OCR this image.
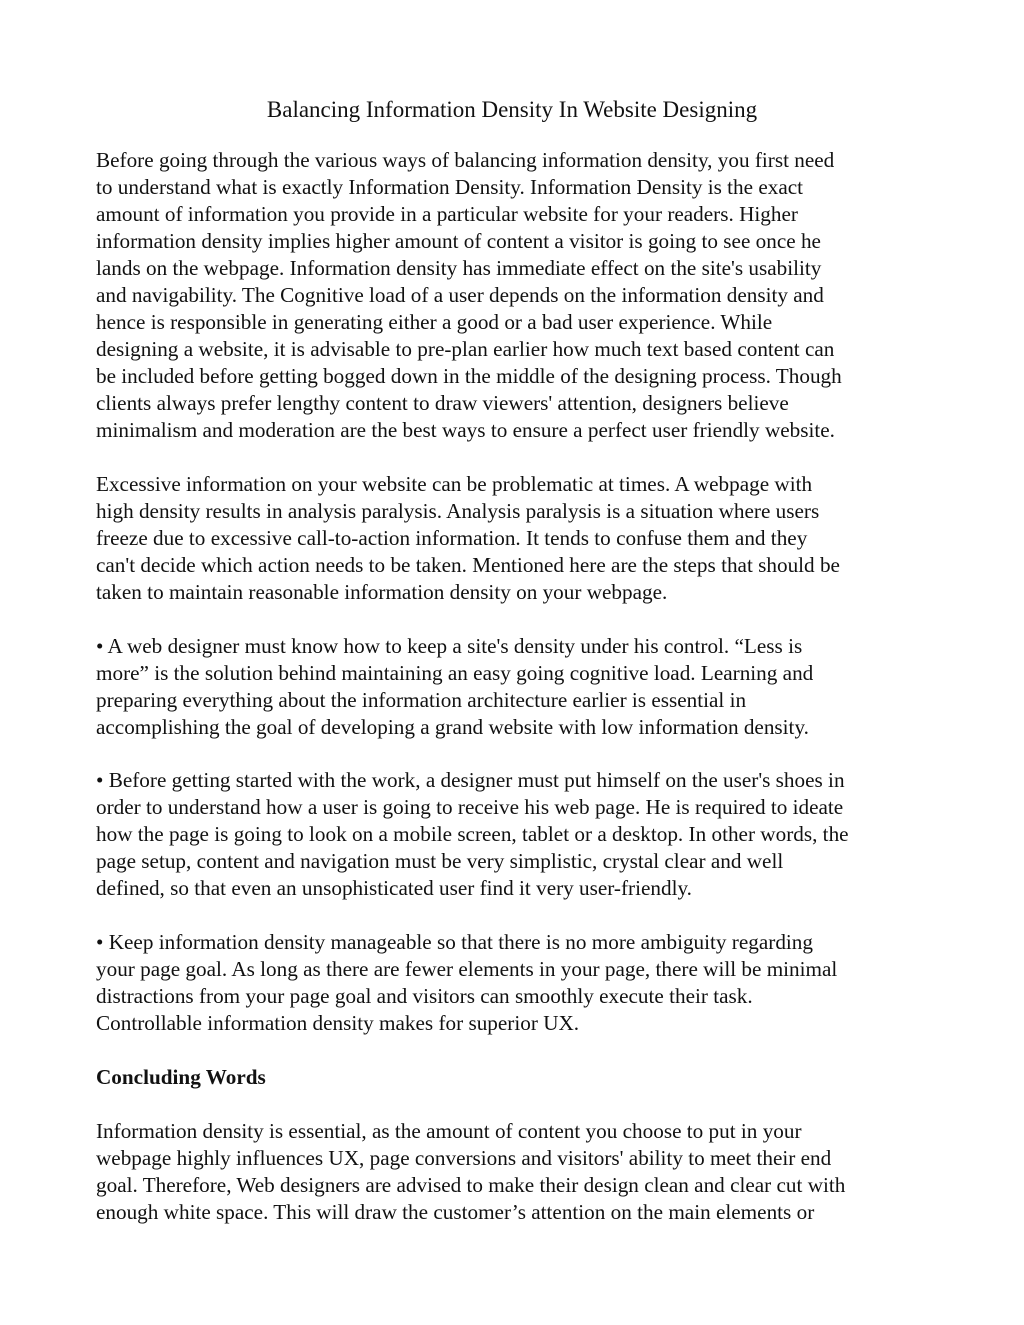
Balancing Information Density In Website Designing
Before going through the various ways of balancing information density, you first need
to understand what is exactly Information Density. Information Density is the exact
amount of information you provide in a particular website for your readers. Higher
information density implies higher amount of content a visitor is going to see once he
lands on the webpage. Information density has immediate effect on the site's usability
and navigability. The Cognitive load of a user depends on the information density and
hence is responsible in generating either a good or a bad user experience. While
designing a website, it is advisable to pre-plan earlier how much text based content can
be included before getting bogged down in the middle of the designing process. Though
clients always prefer lengthy content to draw viewers' attention, designers believe
minimalism and moderation are the best ways to ensure a perfect user friendly website.
Excessive information on your website can be problematic at times. A webpage with
high density results in analysis paralysis. Analysis paralysis is a situation where users
freeze due to excessive call-to-action information. It tends to confuse them and they
can't decide which action needs to be taken. Mentioned here are the steps that should be
taken to maintain reasonable information density on your webpage.
• A web designer must know how to keep a site's density under his control. “Less is
more” is the solution behind maintaining an easy going cognitive load. Learning and
preparing everything about the information architecture earlier is essential in
accomplishing the goal of developing a grand website with low information density.
• Before getting started with the work, a designer must put himself on the user's shoes in
order to understand how a user is going to receive his web page. He is required to ideate
how the page is going to look on a mobile screen, tablet or a desktop. In other words, the
page setup, content and navigation must be very simplistic, crystal clear and well
defined, so that even an unsophisticated user find it very user-friendly.
• Keep information density manageable so that there is no more ambiguity regarding
your page goal. As long as there are fewer elements in your page, there will be minimal
distractions from your page goal and visitors can smoothly execute their task.
Controllable information density makes for superior UX.
Concluding Words
Information density is essential, as the amount of content you choose to put in your
webpage highly influences UX, page conversions and visitors' ability to meet their end
goal. Therefore, Web designers are advised to make their design clean and clear cut with
enough white space. This will draw the customer’s attention on the main elements or
